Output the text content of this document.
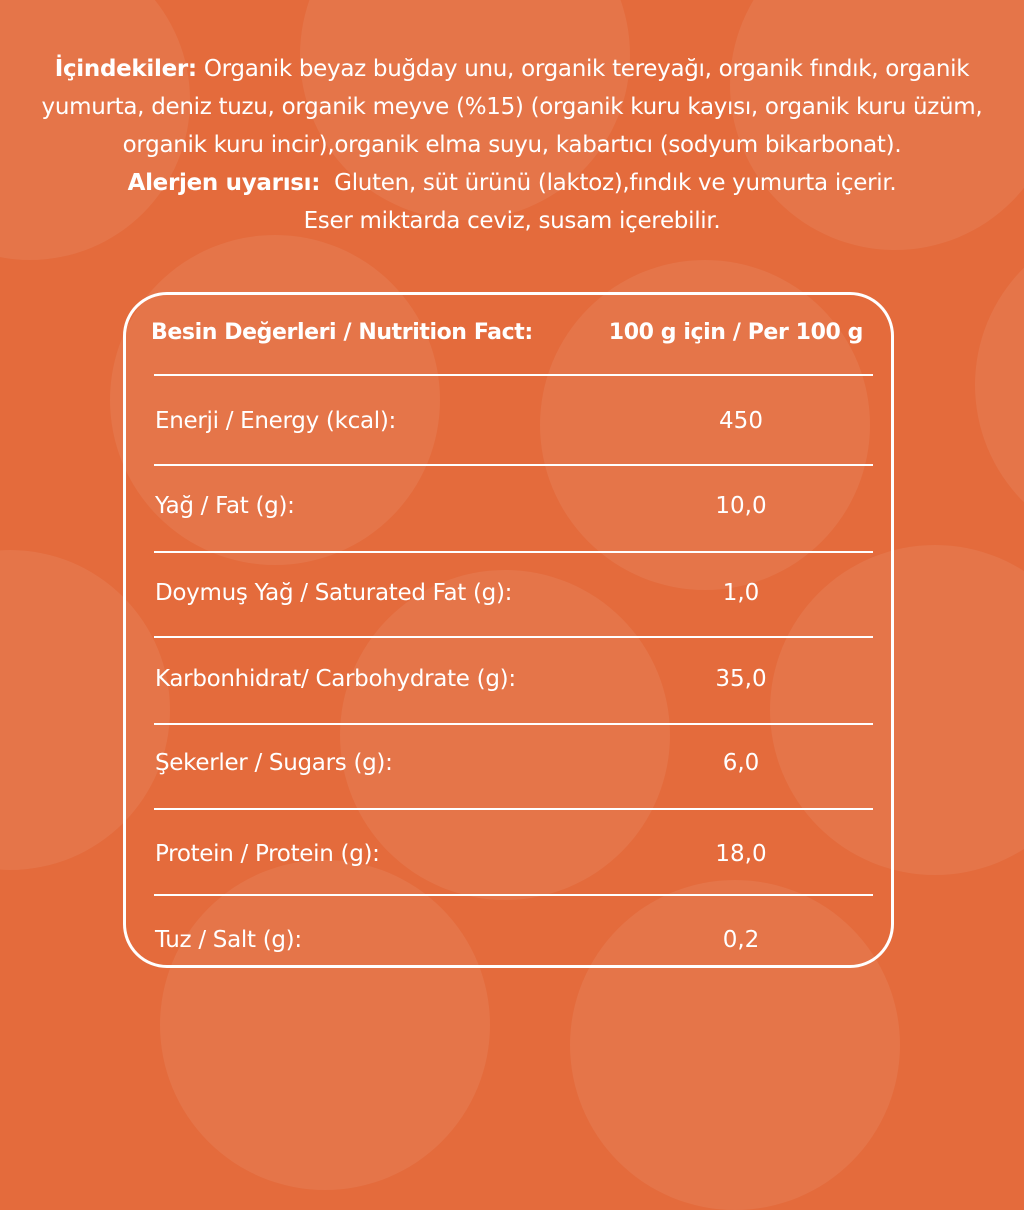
İçindekiler: Organik beyaz buğday unu, organik tereyağı, organik fındık, organik yumurta, deniz tuzu, organik meyve (%15) (organik kuru kayısı, organik kuru üzüm, organik kuru incir),organik elma suyu, kabartıcı (sodyum bikarbonat).

Alerjen uyarısı:  Gluten, süt ürünü (laktoz),fındık ve yumurta içerir.

Eser miktarda ceviz, susam içerebilir.

Besin Değerleri / Nutrition Fact:	100 g için / Per 100 g
Enerji / Energy (kcal):	450
Yağ / Fat (g):	10,0
Doymuş Yağ / Saturated Fat (g):	1,0
Karbonhidrat/ Carbohydrate (g):	35,0
Şekerler / Sugars (g):	6,0
Protein / Protein (g):	18,0
Tuz / Salt (g):	0,2
